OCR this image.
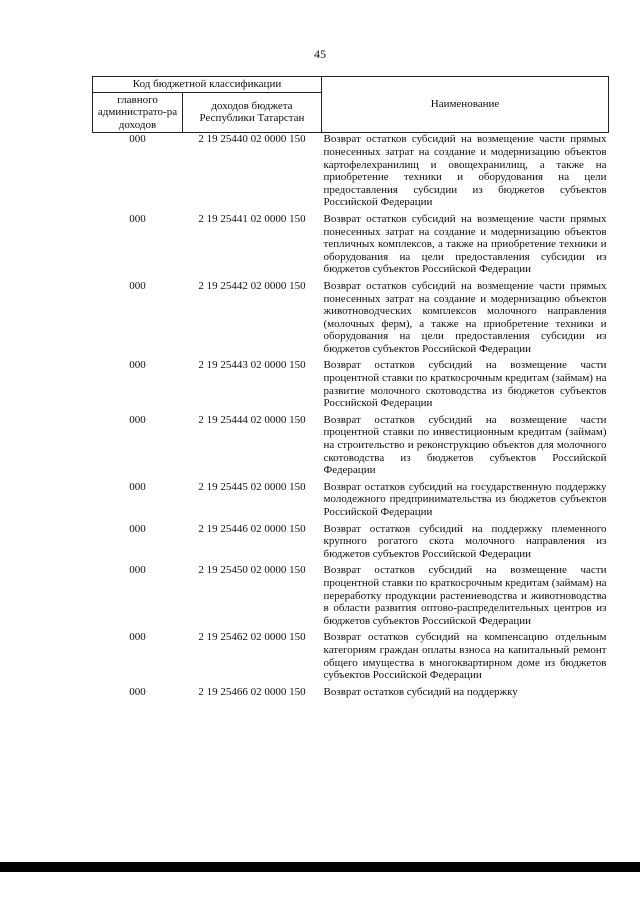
45
Код бюджетной классификации		Наименование
главного администрато-ра доходов	доходов бюджета Республики Татарстан	
000	2 19 25440 02 0000 150	Возврат остатков субсидий на возмещение части прямых понесенных затрат на создание и модернизацию объектов картофелехранилищ и овощехранилищ, а также на приобретение техники и оборудования на цели предоставления субсидии из бюджетов субъектов Российской Федерации
000	2 19 25441 02 0000 150	Возврат остатков субсидий на возмещение части прямых понесенных затрат на создание и модернизацию объектов тепличных комплексов, а также на приобретение техники и оборудования на цели предоставления субсидии из бюджетов субъектов Российской Федерации
000	2 19 25442 02 0000 150	Возврат остатков субсидий на возмещение части прямых понесенных затрат на создание и модернизацию объектов животноводческих комплексов молочного направления (молочных ферм), а также на приобретение техники и оборудования на цели предоставления субсидии из бюджетов субъектов Российской Федерации
000	2 19 25443 02 0000 150	Возврат остатков субсидий на возмещение части процентной ставки по краткосрочным кредитам (займам) на развитие молочного скотоводства из бюджетов субъектов Российской Федерации
000	2 19 25444 02 0000 150	Возврат остатков субсидий на возмещение части процентной ставки по инвестиционным кредитам (займам) на строительство и реконструкцию объектов для молочного скотоводства из бюджетов субъектов Российской Федерации
000	2 19 25445 02 0000 150	Возврат остатков субсидий на государственную поддержку молодежного предпринимательства из бюджетов субъектов Российской Федерации
000	2 19 25446 02 0000 150	Возврат остатков субсидий на поддержку племенного крупного рогатого скота молочного направления из бюджетов субъектов Российской Федерации
000	2 19 25450 02 0000 150	Возврат остатков субсидий на возмещение части процентной ставки по краткосрочным кредитам (займам) на переработку продукции растениеводства и животноводства в области развития оптово-распределительных центров из бюджетов субъектов Российской Федерации
000	2 19 25462 02 0000 150	Возврат остатков субсидий на компенсацию отдельным категориям граждан оплаты взноса на капитальный ремонт общего имущества в многоквартирном доме из бюджетов субъектов Российской Федерации
000	2 19 25466 02 0000 150	Возврат остатков субсидий на поддержку
